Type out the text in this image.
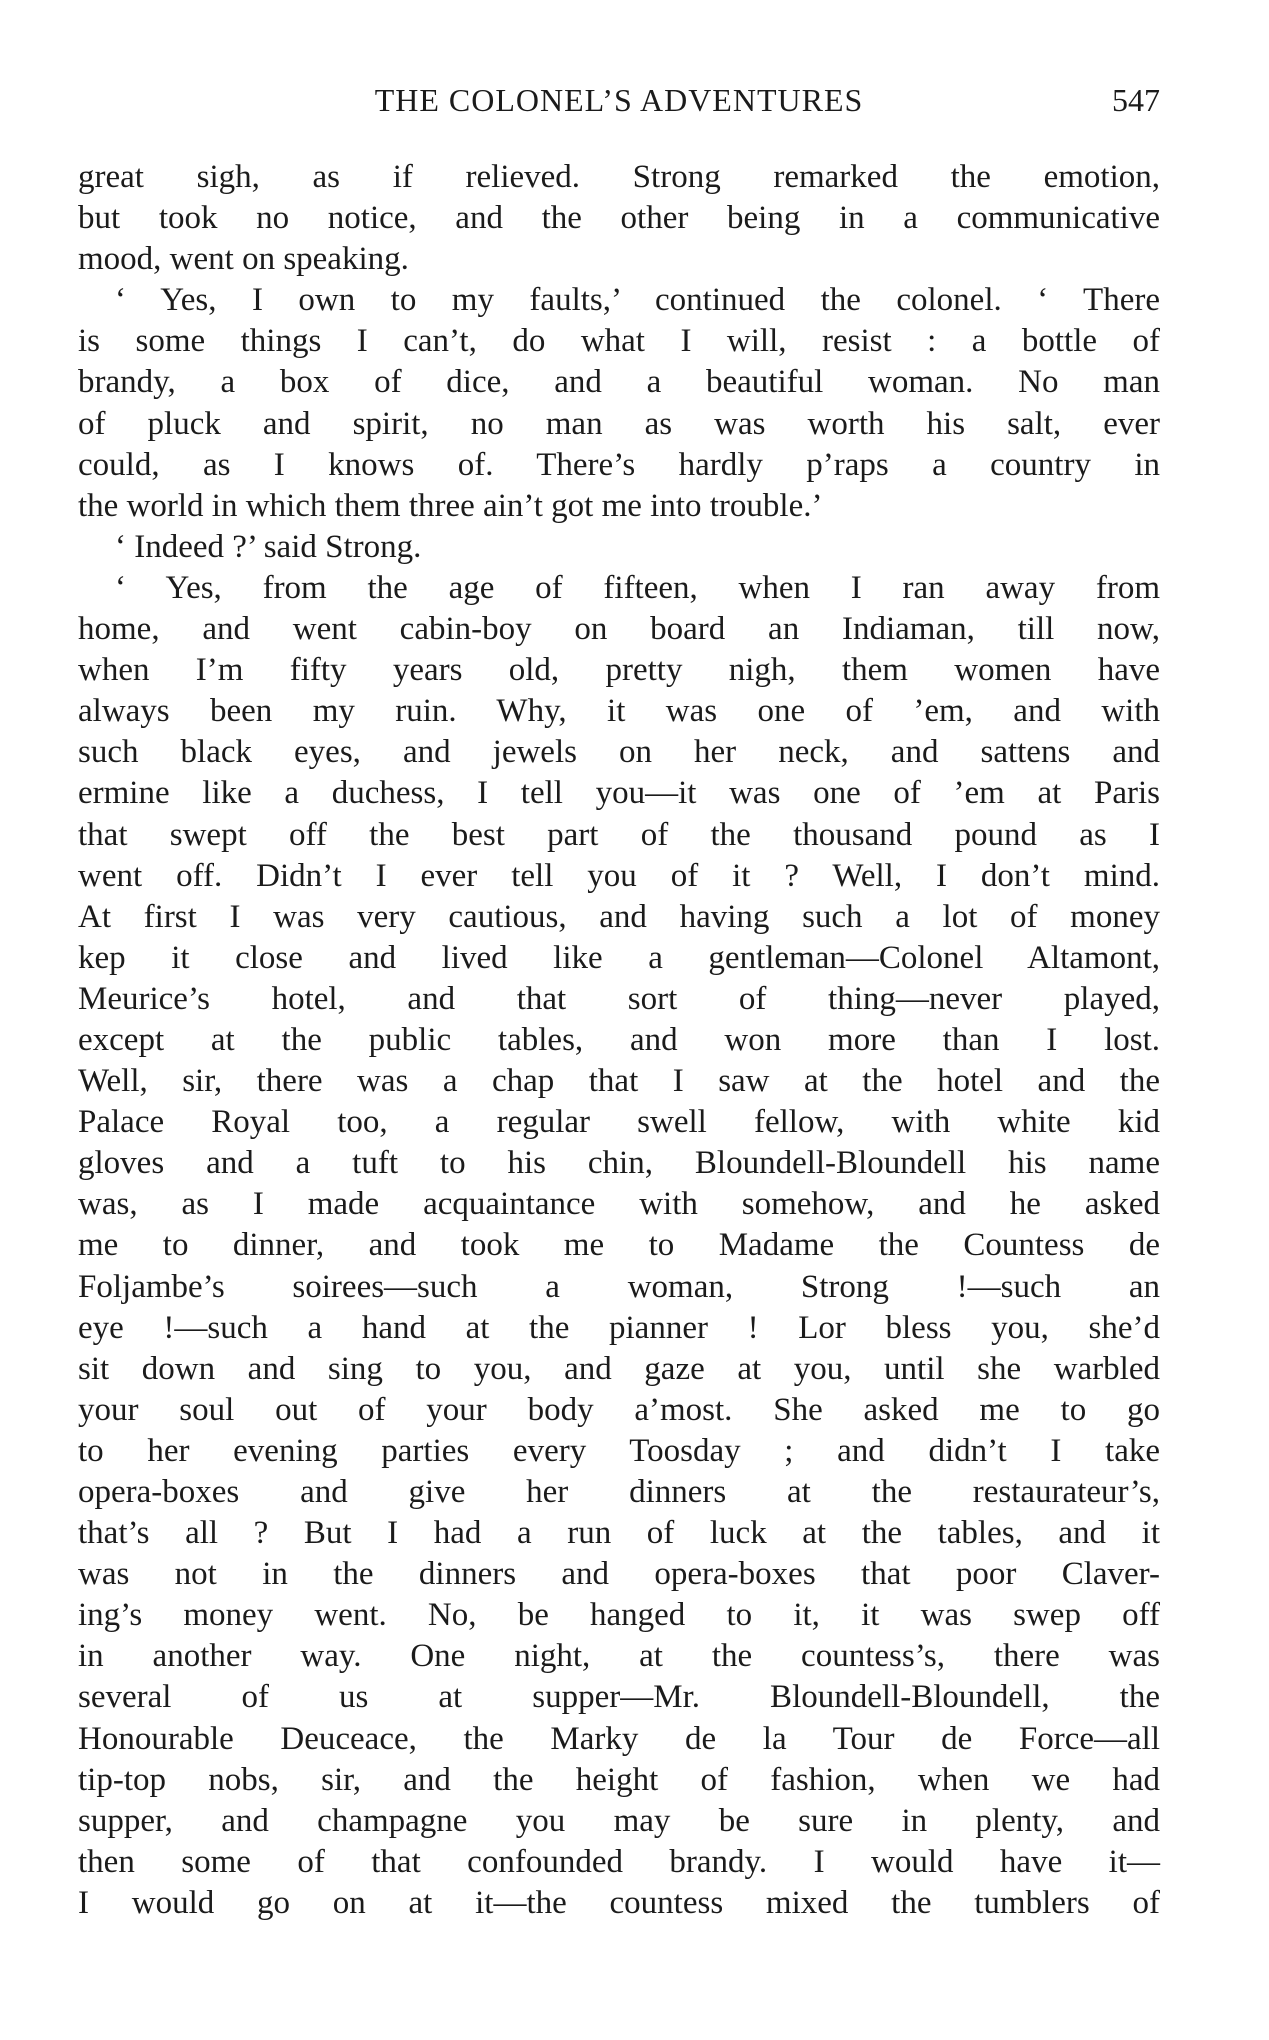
THE COLONEL’S ADVENTURES	547
great sigh, as if relieved. Strong remarked the emotion,
but took no notice, and the other being in a communicative
mood, went on speaking.
‘ Yes, I own to my faults,’ continued the colonel. ‘ There
is some things I can’t, do what I will, resist : a bottle of
brandy, a box of dice, and a beautiful woman. No man
of pluck and spirit, no man as was worth his salt, ever
could, as I knows of. There’s hardly p’raps a country in
the world in which them three ain’t got me into trouble.’
‘ Indeed ?’ said Strong.
‘ Yes, from the age of fifteen, when I ran away from
home, and went cabin-boy on board an Indiaman, till now,
when I’m fifty years old, pretty nigh, them women have
always been my ruin. Why, it was one of ’em, and with
such black eyes, and jewels on her neck, and sattens and
ermine like a duchess, I tell you—it was one of ’em at Paris
that swept off the best part of the thousand pound as I
went off. Didn’t I ever tell you of it ? Well, I don’t mind.
At first I was very cautious, and having such a lot of money
kep it close and lived like a gentleman—Colonel Altamont,
Meurice’s hotel, and that sort of thing—never played,
except at the public tables, and won more than I lost.
Well, sir, there was a chap that I saw at the hotel and the
Palace Royal too, a regular swell fellow, with white kid
gloves and a tuft to his chin, Bloundell-Bloundell his name
was, as I made acquaintance with somehow, and he asked
me to dinner, and took me to Madame the Countess de
Foljambe’s soirees—such a woman, Strong !—such an
eye !—such a hand at the pianner ! Lor bless you, she’d
sit down and sing to you, and gaze at you, until she warbled
your soul out of your body a’most. She asked me to go
to her evening parties every Toosday ; and didn’t I take
opera-boxes and give her dinners at the restaurateur’s,
that’s all ? But I had a run of luck at the tables, and it
was not in the dinners and opera-boxes that poor Claver-
ing’s money went. No, be hanged to it, it was swep off
in another way. One night, at the countess’s, there was
several of us at supper—Mr. Bloundell-Bloundell, the
Honourable Deuceace, the Marky de la Tour de Force—all
tip-top nobs, sir, and the height of fashion, when we had
supper, and champagne you may be sure in plenty, and
then some of that confounded brandy. I would have it—
I would go on at it—the countess mixed the tumblers of
